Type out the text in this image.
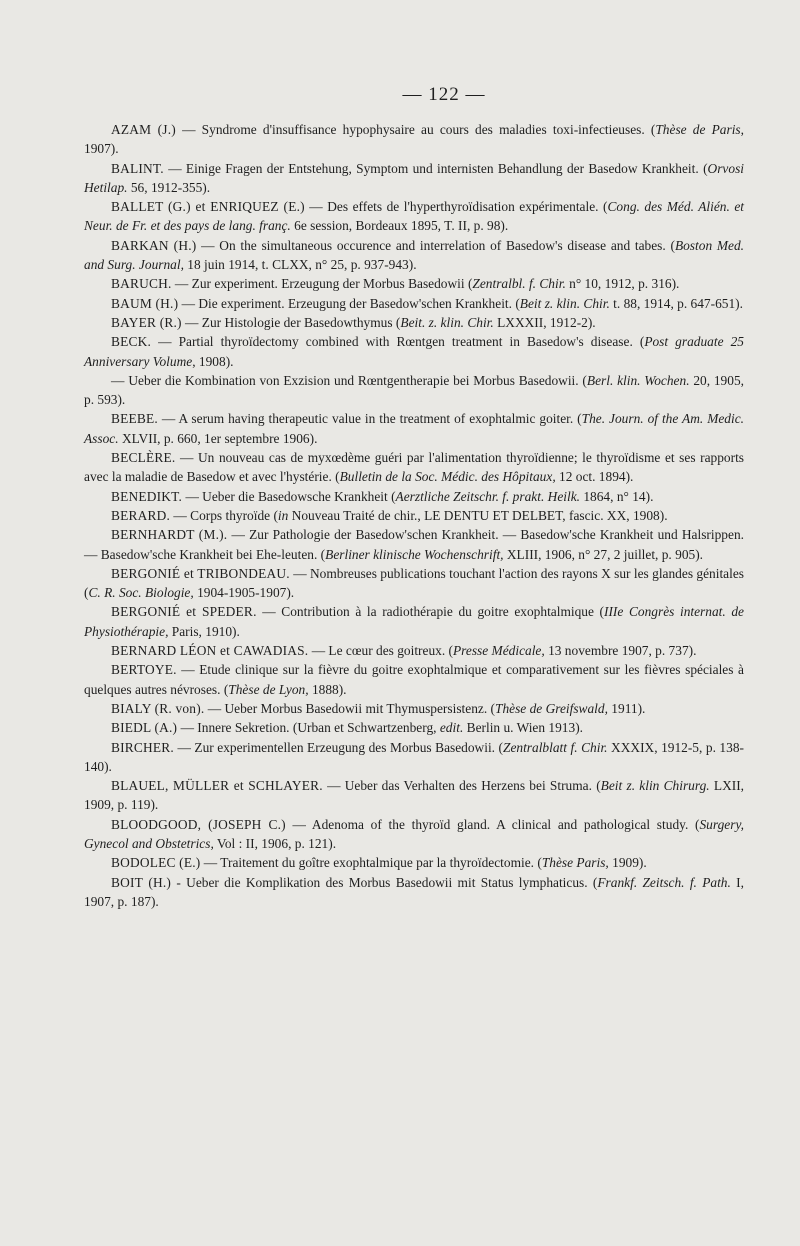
— 122 —
AZAM (J.) — Syndrome d'insuffisance hypophysaire au cours des maladies toxi-infectieuses. (Thèse de Paris, 1907).
BALINT. — Einige Fragen der Entstehung, Symptom und internisten Behandlung der Basedow Krankheit. (Orvosi Hetilap. 56, 1912-355).
BALLET (G.) et ENRIQUEZ (E.) — Des effets de l'hyperthyroïdisation expérimentale. (Cong. des Méd. Alién. et Neur. de Fr. et des pays de lang. franç. 6e session, Bordeaux 1895, T. II, p. 98).
BARKAN (H.) — On the simultaneous occurence and interrelation of Basedow's disease and tabes. (Boston Med. and Surg. Journal, 18 juin 1914, t. CLXX, n° 25, p. 937-943).
BARUCH. — Zur experiment. Erzeugung der Morbus Basedowii (Zentralbl. f. Chir. n° 10, 1912, p. 316).
BAUM (H.) — Die experiment. Erzeugung der Basedow'schen Krankheit. (Beit z. klin. Chir. t. 88, 1914, p. 647-651).
BAYER (R.) — Zur Histologie der Basedowthymus (Beit. z. klin. Chir. LXXXII, 1912-2).
BECK. — Partial thyroïdectomy combined with Rœntgen treatment in Basedow's disease. (Post graduate 25 Anniversary Volume, 1908).
— Ueber die Kombination von Exzision und Rœntgentherapie bei Morbus Basedowii. (Berl. klin. Wochen. 20, 1905, p. 593).
BEEBE. — A serum having therapeutic value in the treatment of exophtalmic goiter. (The. Journ. of the Am. Medic. Assoc. XLVII, p. 660, 1er septembre 1906).
BECLÈRE. — Un nouveau cas de myxœdème guéri par l'alimentation thyroïdienne; le thyroïdisme et ses rapports avec la maladie de Basedow et avec l'hystérie. (Bulletin de la Soc. Médic. des Hôpitaux, 12 oct. 1894).
BENEDIKT. — Ueber die Basedowsche Krankheit (Aerztliche Zeitschr. f. prakt. Heilk. 1864, n° 14).
BERARD. — Corps thyroïde (in Nouveau Traité de chir., LE DENTU ET DELBET, fascic. XX, 1908).
BERNHARDT (M.). — Zur Pathologie der Basedow'schen Krankheit. — Basedow'sche Krankheit und Halsrippen. — Basedow'sche Krankheit bei Ehe-leuten. (Berliner klinische Wochenschrift, XLIII, 1906, n° 27, 2 juillet, p. 905).
BERGONIÉ et TRIBONDEAU. — Nombreuses publications touchant l'action des rayons X sur les glandes génitales (C. R. Soc. Biologie, 1904-1905-1907).
BERGONIÉ et SPEDER. — Contribution à la radiothérapie du goitre exophtalmique (IIIe Congrès internat. de Physiothérapie, Paris, 1910).
BERNARD LÉON et CAWADIAS. — Le cœur des goitreux. (Presse Médicale, 13 novembre 1907, p. 737).
BERTOYE. — Etude clinique sur la fièvre du goitre exophtalmique et comparativement sur les fièvres spéciales à quelques autres névroses. (Thèse de Lyon, 1888).
BIALY (R. von). — Ueber Morbus Basedowii mit Thymuspersistenz. (Thèse de Greifswald, 1911).
BIEDL (A.) — Innere Sekretion. (Urban et Schwartzenberg, edit. Berlin u. Wien 1913).
BIRCHER. — Zur experimentellen Erzeugung des Morbus Basedowii. (Zentralblatt f. Chir. XXXIX, 1912-5, p. 138-140).
BLAUEL, MÜLLER et SCHLAYER. — Ueber das Verhalten des Herzens bei Struma. (Beit z. klin Chirurg. LXII, 1909, p. 119).
BLOODGOOD, (JOSEPH C.) — Adenoma of the thyroïd gland. A clinical and pathological study. (Surgery, Gynecol and Obstetrics, Vol : II, 1906, p. 121).
BODOLEC (E.) — Traitement du goître exophtalmique par la thyroïdectomie. (Thèse Paris, 1909).
BOIT (H.) - Ueber die Komplikation des Morbus Basedowii mit Status lymphaticus. (Frankf. Zeitsch. f. Path. I, 1907, p. 187).
